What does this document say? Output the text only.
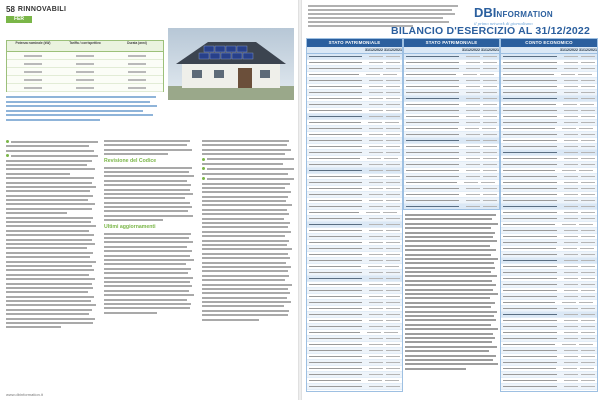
58 RINNOVABILI
FER
Potenza nominale (kW)	Tariffa / corrispettivo	Durata (anni)
Revisione del Codice
Ultimi aggiornamenti
www.dbinformation.it
DBINFORMATION
il primo network di giornalismo
BILANCIO D'ESERCIZIO AL 31/12/2022
STATO PATRIMONIALE
31/12/2022 31/12/2021
STATO PATRIMONIALE
31/12/2022 31/12/2021
CONTO ECONOMICO
31/12/2022 31/12/2021
